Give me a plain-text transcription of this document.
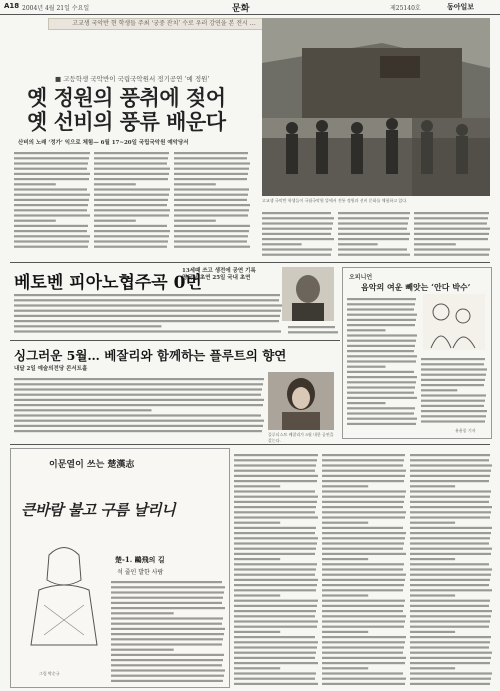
A18 2004년 4월 21일 수요일	문화	제25140호	동아일보
고교생 국악반 현 학생들 주최 ‘궁중 잔치’ 수로 우러 강연을 본 전시 …
■ 고등학생 국악반이 국립국악원서 정기공연 ‘예 정원’
옛 정원의 풍취에 젖어
옛 선비의 풍류 배운다
산비의 노래 ‘정가’ 익으로 체험— 6월 17~20일 국립국악원 예악당서
고교생 국악반 학생들이 국립국악원 뜰에서 전통 정원과 선비 문화를 체험하고 있다.
베토벤 피아노협주곡 0번
13세때 쓰고 생전에 공연 기록
영국서 초연 25일 국내 초연
싱그러운 5월… 베잘리와 함께하는 플루트의 향연
내달 2일 예술의전당 콘서트홀
플루티스트 베잘리가 5월 내한 공연을 갖는다.
오피니언
음악의 여운 빼앗는 ‘안다 박수’
유윤종 기자
이문열이 쓰는 楚漢志
큰바람 불고 구름 날리니
그림 박순규
楚-1. 鷗飛의 길
석 줄인 발한 사람
